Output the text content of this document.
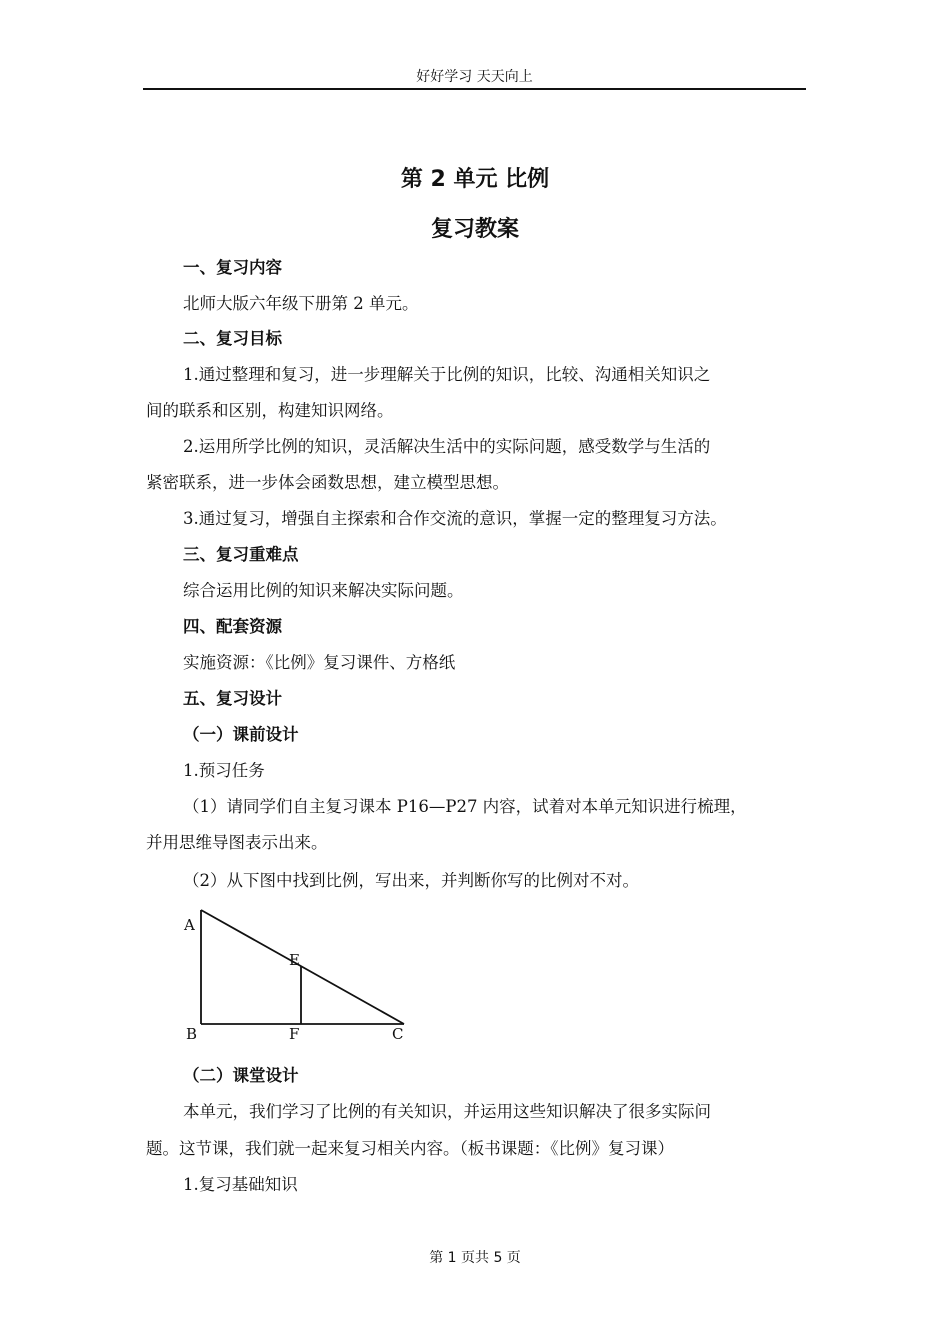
好好学习 天天向上
第 2 单元 比例
复习教案
一、复习内容
北师大版六年级下册第 2 单元。
二、复习目标
1.通过整理和复习，进一步理解关于比例的知识，比较、沟通相关知识之
间的联系和区别，构建知识网络。
2.运用所学比例的知识，灵活解决生活中的实际问题，感受数学与生活的
紧密联系，进一步体会函数思想，建立模型思想。
3.通过复习，增强自主探索和合作交流的意识，掌握一定的整理复习方法。
三、复习重难点
综合运用比例的知识来解决实际问题。
四、配套资源
实施资源：《比例》复习课件、方格纸
五、复习设计
（一）课前设计
1.预习任务
（1）请同学们自主复习课本 P16—P27 内容，试着对本单元知识进行梳理，
并用思维导图表示出来。
（2）从下图中找到比例，写出来，并判断你写的比例对不对。
A
E
B	F	C
（二）课堂设计
本单元，我们学习了比例的有关知识，并运用这些知识解决了很多实际问
题。这节课，我们就一起来复习相关内容。（板书课题：《比例》复习课）
1.复习基础知识
第 1 页共 5 页
